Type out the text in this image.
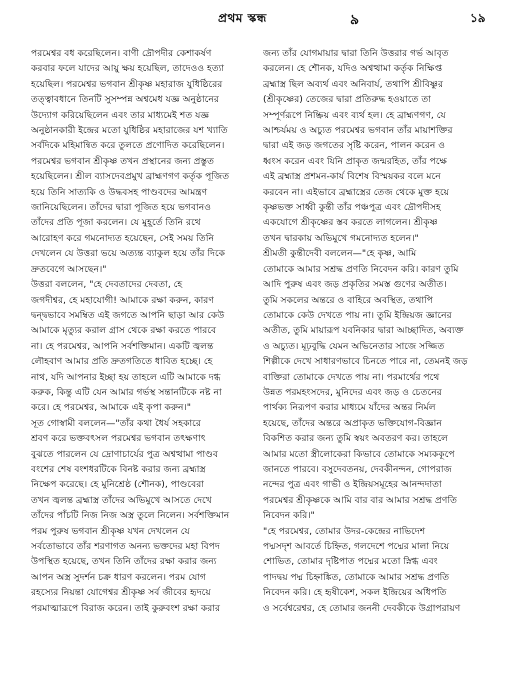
প্রথম স্কন্ধ	৯	১৯
পরমেশ্বর বধ করেছিলেন। বাণী দ্রৌপদীর কেশাকর্ষণ
করবার ফলে যাদের আয়ু ক্ষয় হয়েছিল, তাদেওও হত্যা
হয়েছিল। পরমেশ্বর ভগবান শ্রীকৃষ্ণ মহারাজ যুধিষ্ঠিরের
তত্ত্বাবধানে তিনটি সুসম্পন্ন অশ্বমেধ যজ্ঞ অনুষ্ঠানের
উদ্যোগ করিয়েছিলেন এবং তার মাধ্যমেই শত যজ্ঞ
অনুষ্ঠানকারী ইন্দ্রের মতো যুধিষ্ঠির মহারাজের যশ খ্যাতি
সর্বদিকে মহিমান্বিত করে তুলতে প্রণোদিত করেছিলেন।
পরমেশ্বর ভগবান শ্রীকৃষ্ণ তখন প্রস্থানের জন্য প্রস্তুত
হয়েছিলেন। শ্রীল ব্যাসদেবপ্রমুখ ব্রাহ্মণগণ কর্তৃক পূজিত
হয়ে তিনি সাত্যকি ও উদ্ধবসহ পাণ্ডবদের আমন্ত্রণ
জানিয়েছিলেন। তাঁদের দ্বারা পূজিত হয়ে ভগবানও
তাঁদের প্রতি পূজা করলেন। যে মুহূর্তে তিনি রথে
আরোহণ করে গমনোদ্যত হয়েছেন, সেই সময় তিনি
দেখলেন যে উত্তরা ভয়ে অত্যন্ত ব্যাকুল হয়ে তাঁর দিকে
দ্রুতবেগে আসছেন।"
উত্তরা বললেন, "হে দেবতাদের দেবতা, হে
জগদীশ্বর, হে মহাযোগী! আমাকে রক্ষা করুন, কারণ
দ্বন্দ্বভাবে সমম্বিত এই জগতে আপনি ছাড়া আর কেউ
আমাকে মৃত্যুর করাল গ্রাস থেকে রক্ষা করতে পারবে
না। হে পরমেশ্বর, আপনি সর্বশক্তিমান। একটি জ্বলন্ত
লৌহবাণ আমার প্রতি দ্রুতগতিতে ধাবিত হচ্ছে। হে
নাথ, যদি আপনার ইচ্ছা হয় তাহলে এটি আমাকে দগ্ধ
করুক, কিন্তু এটি যেন আমার গর্ভস্থ সন্তানটিকে নষ্ট না
করে। হে পরমেশ্বর, আমাকে এই কৃপা করুন।"
সূত গোস্বামী বললেন—"তাঁর কথা ধৈর্য সহকারে
শ্রবণ করে ভক্তবৎসল পরমেশ্বর ভগবান তৎক্ষণাৎ
বুঝতে পারলেন যে দ্রোণাচার্যের পুত্র অশ্বত্থামা পাণ্ডব
বংশের শেষ বংশধরটিকে বিনষ্ট করার জন্য ব্রহ্মাস্ত্র
নিক্ষেপ করেছে। হে মুনিশ্রেষ্ঠ (শৌনক), পাণ্ডবেরা
তখন জ্বলন্ত ব্রহ্মাস্ত্র তাঁদের অভিমুখে আসতে দেখে
তাঁদের পাঁচটি নিজ নিজ অস্ত্র তুলে নিলেন। সর্বশক্তিমান
পরম পুরুষ ভগবান শ্রীকৃষ্ণ যখন দেখলেন যে
সর্বতোভাবে তাঁর শরণাগত অনন্য ভক্তদের মহা বিপদ
উপস্থিত হয়েছে, তখন তিনি তাঁদের রক্ষা করার জন্য
আপন অস্ত্র সুদর্শন চক্র ধারণ করলেন। পরম যোগ
রহস্যের নিয়ন্তা যোগেশ্বর শ্রীকৃষ্ণ সর্ব জীবের হৃদয়ে
পরমাত্মারূপে বিরাজ করেন। তাই কুরুবংশ রক্ষা করার
জন্য তাঁর যোগমায়ার দ্বারা তিনি উত্তরার গর্ভ আবৃত
করলেন। হে শৌনক, যদিও অশ্বত্থামা কর্তৃক নিক্ষিপ্ত
ব্রহ্মাস্ত্র ছিল অব্যর্থ এবং অনিবার্য, তথাপি শ্রীবিষ্ণুর
(শ্রীকৃষ্ণের) তেজের দ্বারা প্রতিরুদ্ধ হওয়াতে তা
সম্পূর্ণরূপে নিষ্ক্রিয় এবং ব্যর্থ হল। হে ব্রাহ্মণগণ, যে
আশ্চর্যময় ও অচ্যুত পরমেশ্বর ভগবান তাঁর মায়াশক্তির
দ্বারা এই জড় জগতের সৃষ্টি করেন, পালন করেন ও
ধ্বংস করেন এবং যিনি প্রাকৃত জন্মরহিত, তাঁর পক্ষে
এই ব্রহ্মাস্ত্র প্রশমন-কার্য বিশেষ বিস্ময়কর বলে মনে
করবেন না। এইভাবে ব্রহ্মাস্ত্রের তেজ থেকে মুক্ত হয়ে
কৃষ্ণভক্ত সাধ্বী কুন্তী তাঁর পঞ্চপুত্র এবং দ্রৌপদীসহ
একযোগে শ্রীকৃষ্ণের স্তব করতে লাগলেন। শ্রীকৃষ্ণ
তখন দ্বারকায় অভিমুখে গমনোদ্যত হলেন।"
শ্রীমতী কুন্তীদেবী বললেন—"হে কৃষ্ণ, আমি
তোমাকে আমার সশ্রদ্ধ প্রণতি নিবেদন করি। কারণ তুমি
আদি পুরুষ এবং জড় প্রকৃতির সমস্ত গুণের অতীত।
তুমি সকলের অন্তরে ও বাহিরে অবস্থিত, তথাপি
তোমাকে কেউ দেখতে পায় না। তুমি ইন্দ্রিয়জ জ্ঞানের
অতীত, তুমি মায়ারূপ যবনিকার দ্বারা আচ্ছাদিত, অব্যক্ত
ও অচ্যুত। মূঢ়বুদ্ধি যেমন অভিনেতার সাজে সজ্জিত
শিল্পীকে দেখে সাধারণভাবে চিনতে পারে না, তেমনই জড়
বাক্তিরা তোমাকে দেখতে পায় না। পরমার্থের পথে
উন্নত পরমহংসদের, মুনিদের এবং জড় ও চেতনের
পার্থক্য নিরূপণ করার মাধ্যমে যাঁদের অন্তর নির্মল
হয়েছে, তাঁদের অন্তরে অপ্রাকৃত ভক্তিযোগ-বিজ্ঞান
বিকশিত করার জন্য তুমি স্বয়ং অবতরণ কর। তাহলে
আমার মতো স্ত্রীলোকেরা কিভাবে তোমাকে সম্যককূপে
জানতে পারবে। বসুদেবতনয়, দেবকীনন্দন, গোপরাজ
নন্দের পুত্র এবং গাভী ও ইন্দ্রিয়সমূহের আনন্দদাতা
পরমেশ্বর শ্রীকৃষ্ণকে আমি বার বার আমার সশ্রদ্ধ প্রণতি
নিবেদন করি।"
"হে পরমেশ্বর, তোমার উদর-কেন্দ্রের নাভিদেশ
পদ্মসদৃশ আবর্তে চিহ্নিত, গলদেশে পদ্মের মালা নিয়ে
শোভিত, তোমার দৃষ্টিপাত পদ্মের মতো স্নিগ্ধ এবং
পাদদ্বয় পদ্ম চিহ্নাঙ্কিত, তোমাকে আমার সশ্রদ্ধ প্রণতি
নিবেদন করি। হে হৃষীকেশ, সকল ইন্দ্রিয়ের অধিপতি
ও সর্বেশ্বরেশ্বর, হে তোমার জননী দেবকীকে উগ্রাপরায়ণ
